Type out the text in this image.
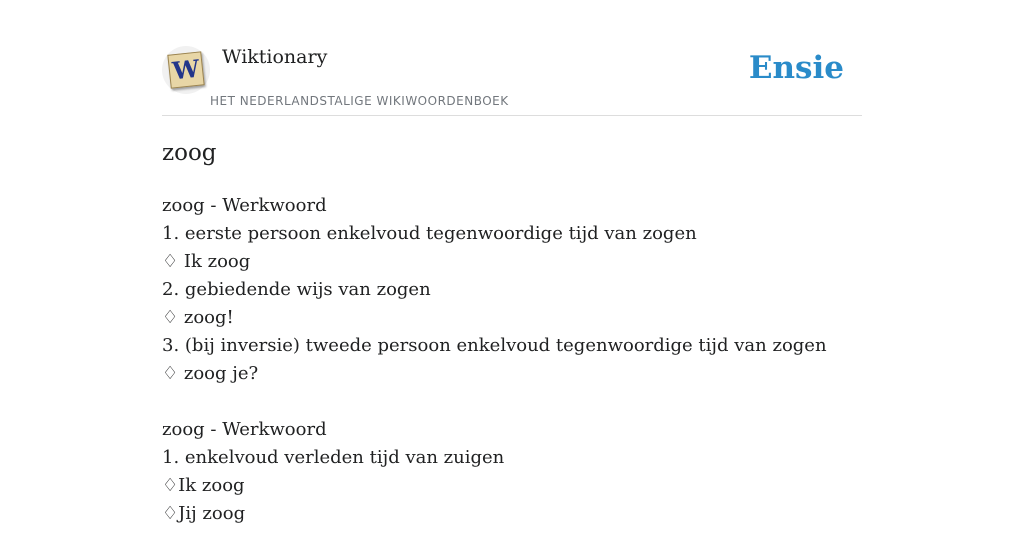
W Wiktionary
HET NEDERLANDSTALIGE WIKIWOORDENBOEK
Ensie
zoog
zoog - Werkwoord
1. eerste persoon enkelvoud tegenwoordige tijd van zogen
♢ Ik zoog
2. gebiedende wijs van zogen
♢ zoog!
3. (bij inversie) tweede persoon enkelvoud tegenwoordige tijd van zogen
♢ zoog je?
zoog - Werkwoord
1. enkelvoud verleden tijd van zuigen
♢Ik zoog
♢Jij zoog
